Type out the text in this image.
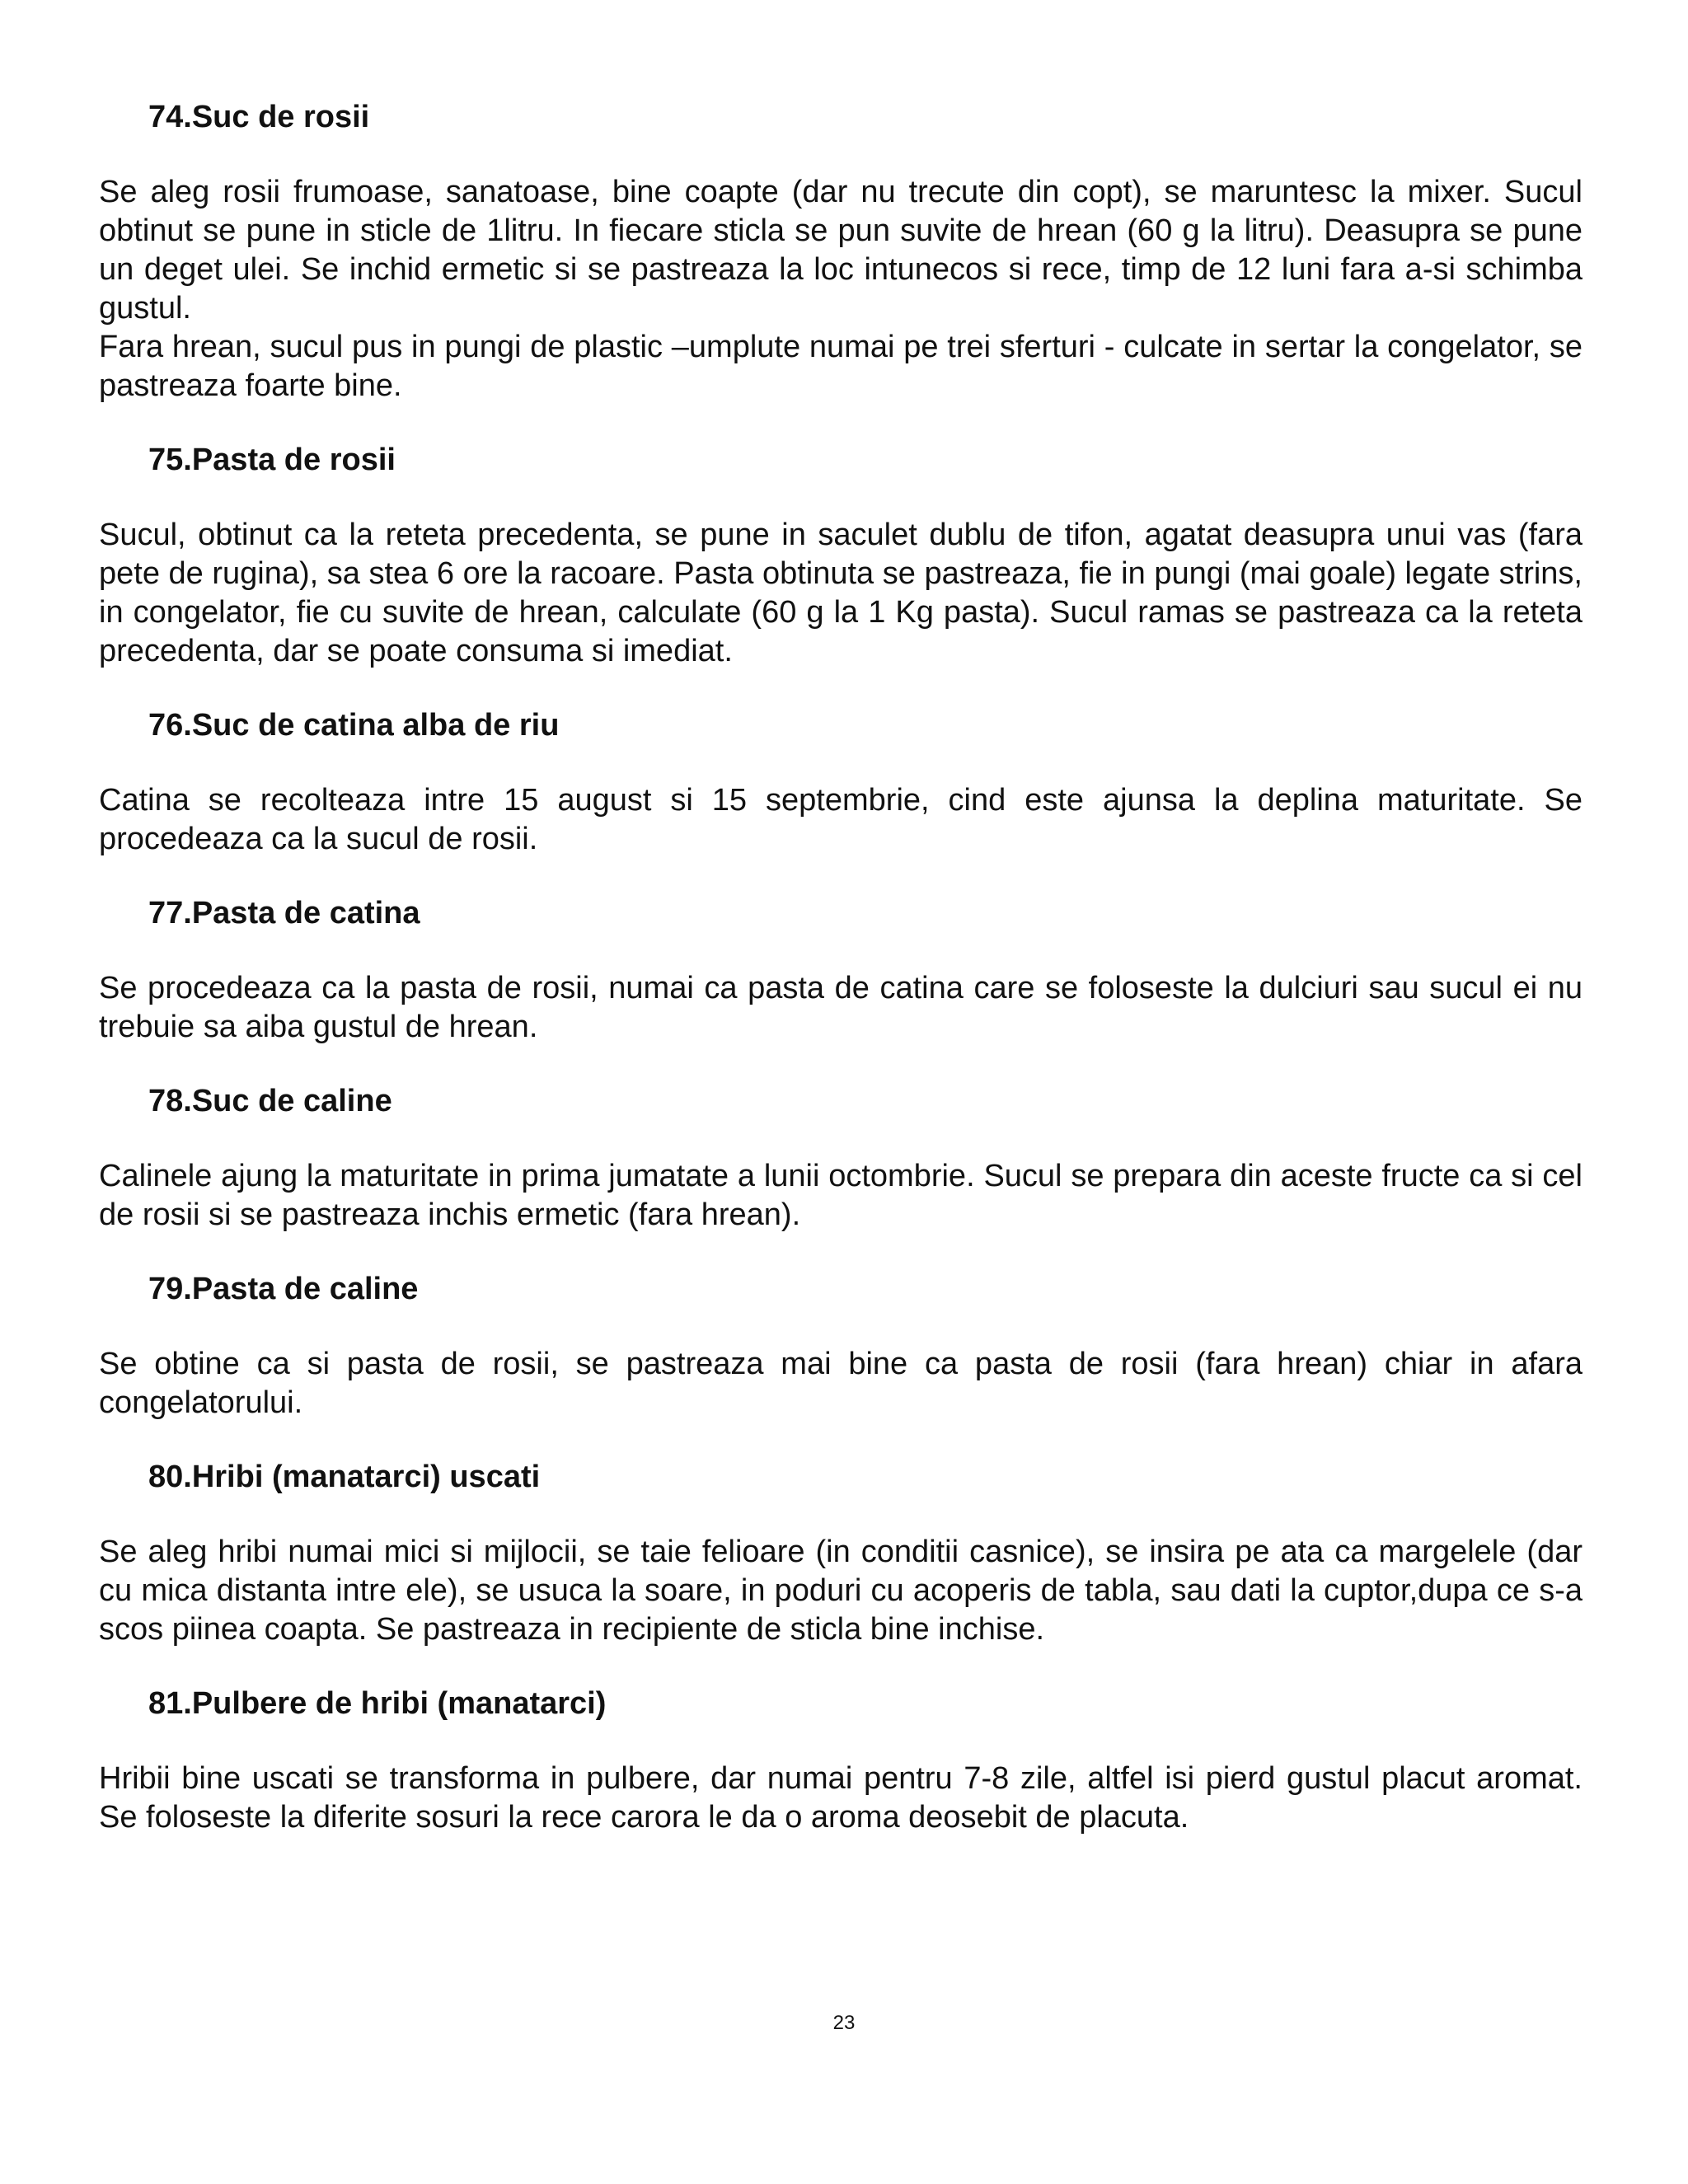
74.Suc de rosii

Se aleg rosii frumoase, sanatoase, bine coapte (dar nu trecute din copt), se maruntesc la mixer. Sucul obtinut se pune in sticle de 1litru. In fiecare sticla se pun suvite de hrean (60 g la litru). Deasupra se pune un deget ulei. Se inchid ermetic si se pastreaza la loc intunecos si rece, timp de 12 luni fara a-si schimba gustul.

Fara hrean, sucul pus in pungi de plastic –umplute numai pe trei sferturi - culcate in sertar la congelator, se pastreaza foarte bine.

75.Pasta de rosii

Sucul, obtinut ca la reteta precedenta, se pune in saculet dublu de tifon, agatat deasupra unui vas (fara pete de rugina), sa stea 6 ore la racoare. Pasta obtinuta se pastreaza, fie in pungi (mai goale) legate strins, in congelator, fie cu suvite de hrean, calculate (60 g la 1 Kg pasta). Sucul ramas se pastreaza ca la reteta precedenta, dar se poate consuma si imediat.

76.Suc de catina alba de riu

Catina se recolteaza intre 15 august si 15 septembrie, cind este ajunsa la deplina maturitate. Se procedeaza ca la sucul de rosii.

77.Pasta de catina

Se procedeaza ca la pasta de rosii, numai ca pasta de catina care se foloseste la dulciuri sau sucul ei nu trebuie sa aiba gustul de hrean.

78.Suc de caline

Calinele ajung la maturitate in prima jumatate a lunii octombrie. Sucul se prepara din aceste fructe ca si cel de rosii si se pastreaza inchis ermetic (fara hrean).

79.Pasta de caline

Se obtine ca si pasta de rosii, se pastreaza mai bine ca pasta de rosii (fara hrean) chiar in afara congelatorului.

80.Hribi (manatarci) uscati

Se aleg hribi numai mici si mijlocii, se taie felioare (in conditii casnice), se insira pe ata ca margelele (dar cu mica distanta intre ele), se usuca la soare, in poduri cu acoperis de tabla, sau dati la cuptor,dupa ce s-a scos piinea coapta. Se pastreaza in recipiente de sticla bine inchise.

81.Pulbere de hribi (manatarci)

Hribii bine uscati se transforma in pulbere, dar numai pentru 7-8 zile, altfel isi pierd gustul placut aromat. Se foloseste la diferite sosuri la rece carora le da o aroma deosebit de placuta.

23
